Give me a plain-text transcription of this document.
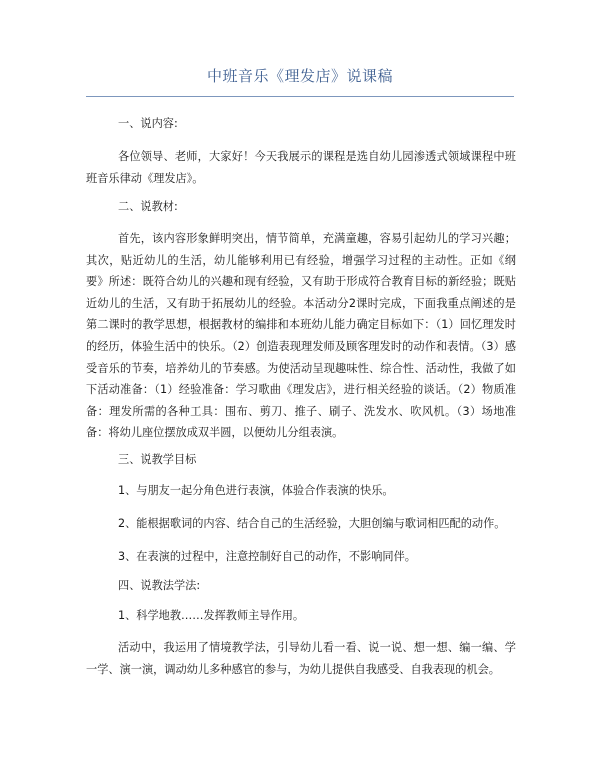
中班音乐《理发店》说课稿
一、说内容:
各位领导、老师，大家好！今天我展示的课程是选自幼儿园渗透式领域课程中班班音乐律动《理发店》。
二、说教材:
首先，该内容形象鲜明突出，情节简单，充满童趣，容易引起幼儿的学习兴趣；其次，贴近幼儿的生活，幼儿能够利用已有经验，增强学习过程的主动性。正如《纲要》所述：既符合幼儿的兴趣和现有经验，又有助于形成符合教育目标的新经验；既贴近幼儿的生活，又有助于拓展幼儿的经验。本活动分2课时完成，下面我重点阐述的是第二课时的教学思想，根据教材的编排和本班幼儿能力确定目标如下：（1）回忆理发时的经历，体验生活中的快乐。（2）创造表现理发师及顾客理发时的动作和表情。（3）感受音乐的节奏，培养幼儿的节奏感。为使活动呈现趣味性、综合性、活动性，我做了如下活动准备：（1）经验准备：学习歌曲《理发店》，进行相关经验的谈话。（2）物质准备：理发所需的各种工具：围布、剪刀、推子、刷子、洗发水、吹风机。（3）场地准备：将幼儿座位摆放成双半圆，以便幼儿分组表演。
三、说教学目标
1、与朋友一起分角色进行表演，体验合作表演的快乐。
2、能根据歌词的内容、结合自己的生活经验，大胆创编与歌词相匹配的动作。
3、在表演的过程中，注意控制好自己的动作，不影响同伴。
四、说教法学法:
1、科学地教……发挥教师主导作用。
活动中，我运用了情境教学法，引导幼儿看一看、说一说、想一想、编一编、学一学、演一演，调动幼儿多种感官的参与，为幼儿提供自我感受、自我表现的机会。
